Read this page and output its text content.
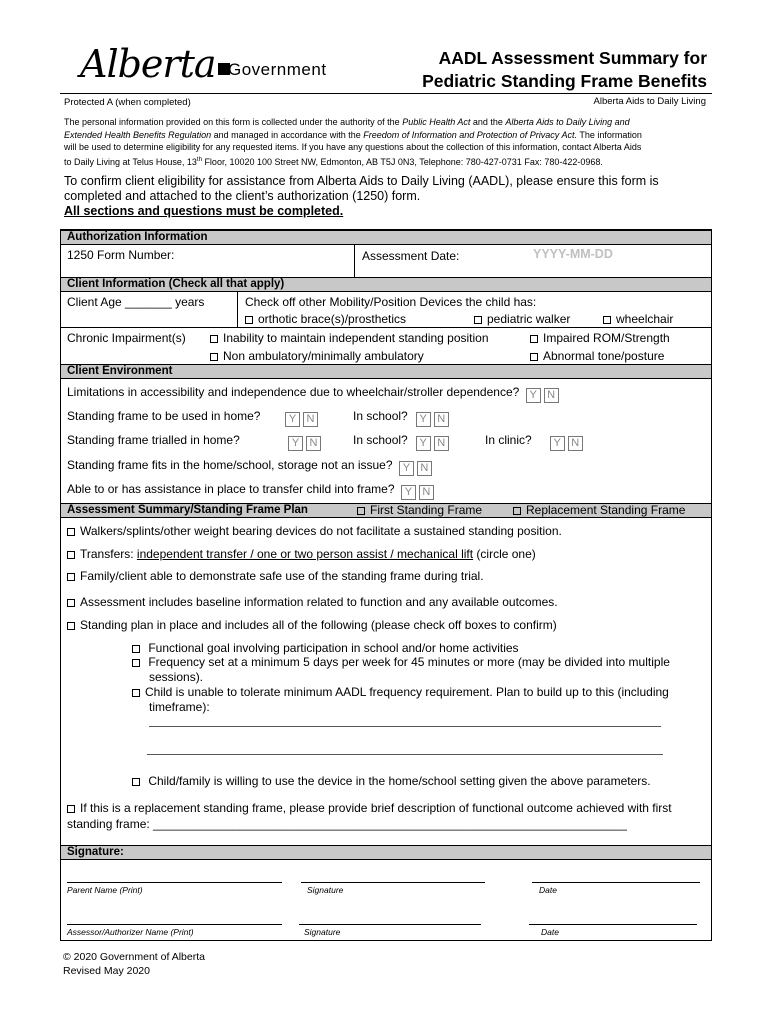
Alberta Government
AADL Assessment Summary for
Pediatric Standing Frame Benefits
Protected A (when completed)	Alberta Aids to Daily Living
The personal information provided on this form is collected under the authority of the Public Health Act and the Alberta Aids to Daily Living and
Extended Health Benefits Regulation and managed in accordance with the Freedom of Information and Protection of Privacy Act. The information
will be used to determine eligibility for any requested items. If you have any questions about the collection of this information, contact Alberta Aids
to Daily Living at Telus House, 13th Floor, 10020 100 Street NW, Edmonton, AB T5J 0N3, Telephone: 780-427-0731 Fax: 780-422-0968.
To confirm client eligibility for assistance from Alberta Aids to Daily Living (AADL), please ensure this form is
completed and attached to the client’s authorization (1250) form.
All sections and questions must be completed.
Authorization Information
1250 Form Number:	Assessment Date:	YYYY-MM-DD
Client Information (Check all that apply)
Client Age _______ years	Check off other Mobility/Position Devices the child has:
orthotic brace(s)/prosthetics	pediatric walker	wheelchair
Chronic Impairment(s)	Inability to maintain independent standing position	Impaired ROM/Strength
Non ambulatory/minimally ambulatory	Abnormal tone/posture
Client Environment
Limitations in accessibility and independence due to wheelchair/stroller dependence? Y N
Standing frame to be used in home?	Y N	In school? Y N
Standing frame trialled in home?	Y N	In school? Y N	In clinic? Y N
Standing frame fits in the home/school, storage not an issue? Y N
Able to or has assistance in place to transfer child into frame? Y N
Assessment Summary/Standing Frame Plan	First Standing Frame	Replacement Standing Frame
Walkers/splints/other weight bearing devices do not facilitate a sustained standing position.
Transfers: independent transfer / one or two person assist / mechanical lift (circle one)
Family/client able to demonstrate safe use of the standing frame during trial.
Assessment includes baseline information related to function and any available outcomes.
Standing plan in place and includes all of the following (please check off boxes to confirm)
Functional goal involving participation in school and/or home activities
Frequency set at a minimum 5 days per week for 45 minutes or more (may be divided into multiple
sessions).
Child is unable to tolerate minimum AADL frequency requirement. Plan to build up to this (including
timeframe):
Child/family is willing to use the device in the home/school setting given the above parameters.
If this is a replacement standing frame, please provide brief description of functional outcome achieved with first
standing frame: _______________________________________________________________________
Signature:
Parent Name (Print)	Signature	Date
Assessor/Authorizer Name (Print)	Signature	Date
© 2020 Government of Alberta
Revised May 2020
